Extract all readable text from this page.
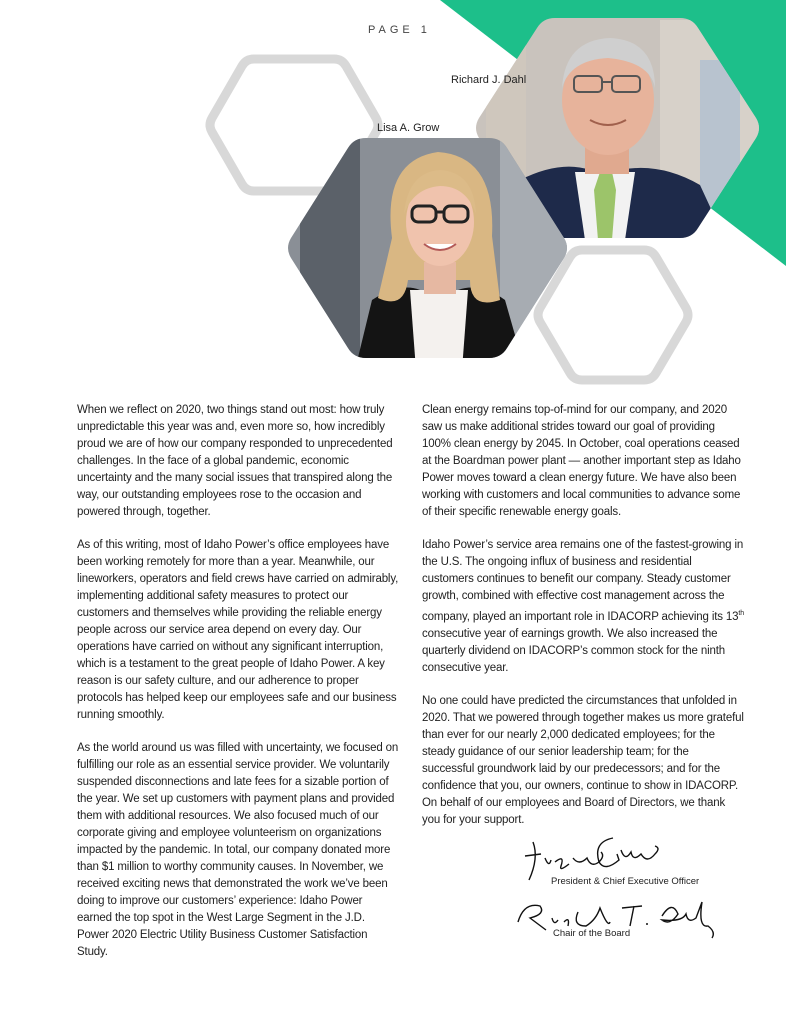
PAGE 1
Richard J. Dahl
Lisa A. Grow

When we reflect on 2020, two things stand out most: how truly unpredictable this year was and, even more so, how incredibly proud we are of how our company responded to unprecedented challenges. In the face of a global pandemic, economic uncertainty and the many social issues that transpired along the way, our outstanding employees rose to the occasion and powered through, together.

As of this writing, most of Idaho Power’s office employees have been working remotely for more than a year. Meanwhile, our lineworkers, operators and field crews have carried on admirably, implementing additional safety measures to protect our customers and themselves while providing the reliable energy people across our service area depend on every day. Our operations have carried on without any significant interruption, which is a testament to the great people of Idaho Power. A key reason is our safety culture, and our adherence to proper protocols has helped keep our employees safe and our business running smoothly.

As the world around us was filled with uncertainty, we focused on fulfilling our role as an essential service provider. We voluntarily suspended disconnections and late fees for a sizable portion of the year. We set up customers with payment plans and provided them with additional resources. We also focused much of our corporate giving and employee volunteerism on organizations impacted by the pandemic. In total, our company donated more than $1 million to worthy community causes. In November, we received exciting news that demonstrated the work we’ve been doing to improve our customers’ experience: Idaho Power earned the top spot in the West Large Segment in the J.D. Power 2020 Electric Utility Business Customer Satisfaction Study.

Clean energy remains top-of-mind for our company, and 2020 saw us make additional strides toward our goal of providing 100% clean energy by 2045. In October, coal operations ceased at the Boardman power plant — another important step as Idaho Power moves toward a clean energy future. We have also been working with customers and local communities to advance some of their specific renewable energy goals.

Idaho Power’s service area remains one of the fastest-growing in the U.S. The ongoing influx of business and residential customers continues to benefit our company. Steady customer growth, combined with effective cost management across the company, played an important role in IDACORP achieving its 13th consecutive year of earnings growth. We also increased the quarterly dividend on IDACORP’s common stock for the ninth consecutive year.

No one could have predicted the circumstances that unfolded in 2020. That we powered through together makes us more grateful than ever for our nearly 2,000 dedicated employees; for the steady guidance of our senior leadership team; for the successful groundwork laid by our predecessors; and for the confidence that you, our owners, continue to show in IDACORP. On behalf of our employees and Board of Directors, we thank you for your support.

President & Chief Executive Officer
Chair of the Board
